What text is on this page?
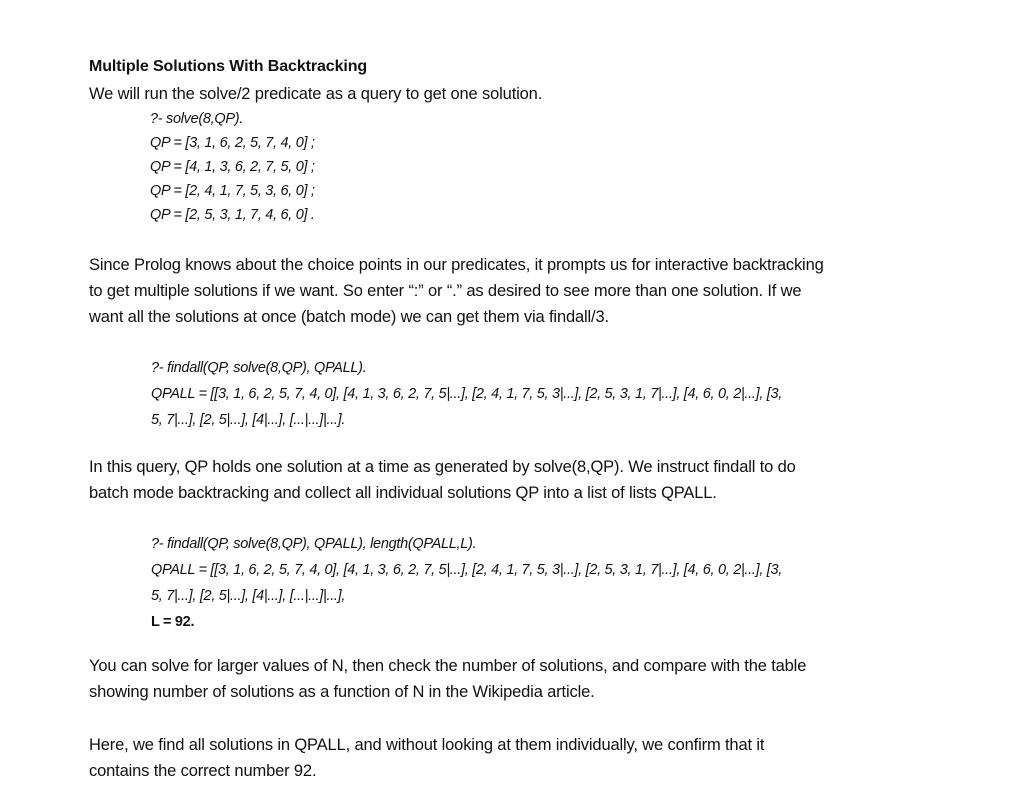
Multiple Solutions With Backtracking
We will run the solve/2 predicate as a query to get one solution.
?- solve(8,QP).
QP = [3, 1, 6, 2, 5, 7, 4, 0] ;
QP = [4, 1, 3, 6, 2, 7, 5, 0] ;
QP = [2, 4, 1, 7, 5, 3, 6, 0] ;
QP = [2, 5, 3, 1, 7, 4, 6, 0] .
Since Prolog knows about the choice points in our predicates, it prompts us for interactive backtracking
to get multiple solutions if we want. So enter “:” or “.” as desired to see more than one solution. If we
want all the solutions at once (batch mode) we can get them via findall/3.
?- findall(QP, solve(8,QP), QPALL).
QPALL = [[3, 1, 6, 2, 5, 7, 4, 0], [4, 1, 3, 6, 2, 7, 5|...], [2, 4, 1, 7, 5, 3|...], [2, 5, 3, 1, 7|...], [4, 6, 0, 2|...], [3,
5, 7|...], [2, 5|...], [4|...], [...|...]|...].
In this query, QP holds one solution at a time as generated by solve(8,QP). We instruct findall to do
batch mode backtracking and collect all individual solutions QP into a list of lists QPALL.
?- findall(QP, solve(8,QP), QPALL), length(QPALL,L).
QPALL = [[3, 1, 6, 2, 5, 7, 4, 0], [4, 1, 3, 6, 2, 7, 5|...], [2, 4, 1, 7, 5, 3|...], [2, 5, 3, 1, 7|...], [4, 6, 0, 2|...], [3,
5, 7|...], [2, 5|...], [4|...], [...|...]|...],
L = 92.
You can solve for larger values of N, then check the number of solutions, and compare with the table
showing number of solutions as a function of N in the Wikipedia article.
Here, we find all solutions in QPALL, and without looking at them individually, we confirm that it
contains the correct number 92.
